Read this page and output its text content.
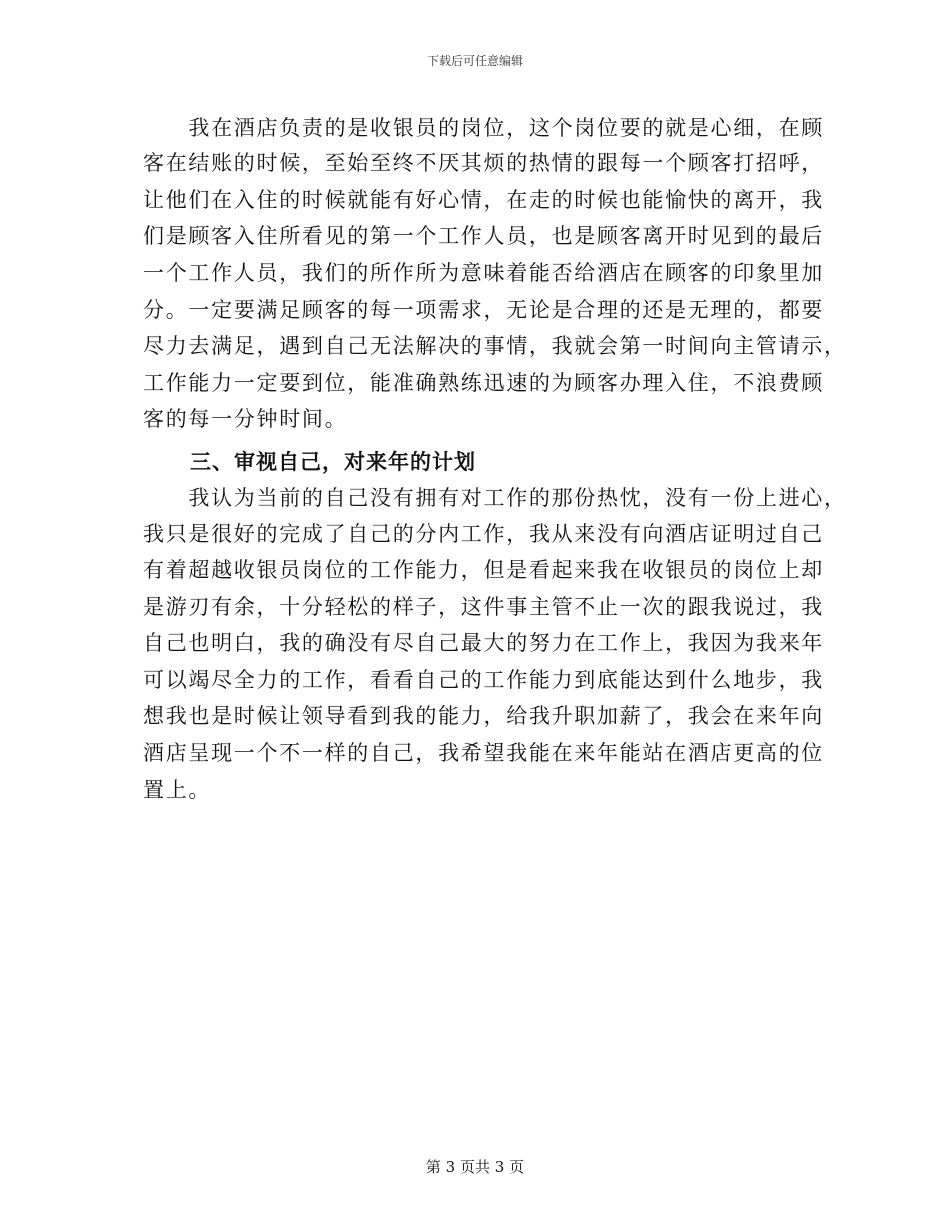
下载后可任意编辑
　　我在酒店负责的是收银员的岗位，这个岗位要的就是心细，在顾
客在结账的时候，至始至终不厌其烦的热情的跟每一个顾客打招呼，
让他们在入住的时候就能有好心情，在走的时候也能愉快的离开，我
们是顾客入住所看见的第一个工作人员，也是顾客离开时见到的最后
一个工作人员，我们的所作所为意味着能否给酒店在顾客的印象里加
分。一定要满足顾客的每一项需求，无论是合理的还是无理的，都要
尽力去满足，遇到自己无法解决的事情，我就会第一时间向主管请示，
工作能力一定要到位，能准确熟练迅速的为顾客办理入住，不浪费顾
客的每一分钟时间。
三、审视自己，对来年的计划
　　我认为当前的自己没有拥有对工作的那份热忱，没有一份上进心，
我只是很好的完成了自己的分内工作，我从来没有向酒店证明过自己
有着超越收银员岗位的工作能力，但是看起来我在收银员的岗位上却
是游刃有余，十分轻松的样子，这件事主管不止一次的跟我说过，我
自己也明白，我的确没有尽自己最大的努力在工作上，我因为我来年
可以竭尽全力的工作，看看自己的工作能力到底能达到什么地步，我
想我也是时候让领导看到我的能力，给我升职加薪了，我会在来年向
酒店呈现一个不一样的自己，我希望我能在来年能站在酒店更高的位
置上。
第 3 页共 3 页
